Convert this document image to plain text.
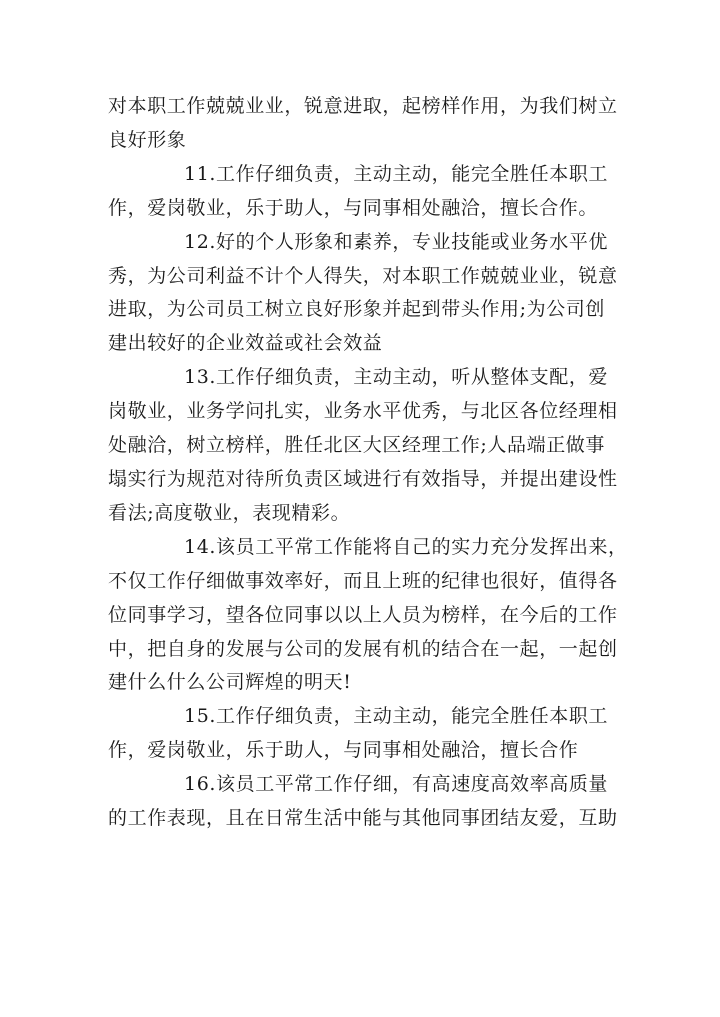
对本职工作兢兢业业，锐意进取，起榜样作用，为我们树立
良好形象

11.工作仔细负责，主动主动，能完全胜任本职工
作，爱岗敬业，乐于助人，与同事相处融洽，擅长合作。

12.好的个人形象和素养，专业技能或业务水平优
秀，为公司利益不计个人得失，对本职工作兢兢业业，锐意
进取，为公司员工树立良好形象并起到带头作用;为公司创
建出较好的企业效益或社会效益

13.工作仔细负责，主动主动，听从整体支配，爱
岗敬业，业务学问扎实，业务水平优秀，与北区各位经理相
处融洽，树立榜样，胜任北区大区经理工作;人品端正做事
塌实行为规范对待所负责区域进行有效指导，并提出建设性
看法;高度敬业，表现精彩。

14.该员工平常工作能将自己的实力充分发挥出来，
不仅工作仔细做事效率好，而且上班的纪律也很好，值得各
位同事学习，望各位同事以以上人员为榜样，在今后的工作
中，把自身的发展与公司的发展有机的结合在一起，一起创
建什么什么公司辉煌的明天!

15.工作仔细负责，主动主动，能完全胜任本职工
作，爱岗敬业，乐于助人，与同事相处融洽，擅长合作

16.该员工平常工作仔细，有高速度高效率高质量
的工作表现，且在日常生活中能与其他同事团结友爱，互助
